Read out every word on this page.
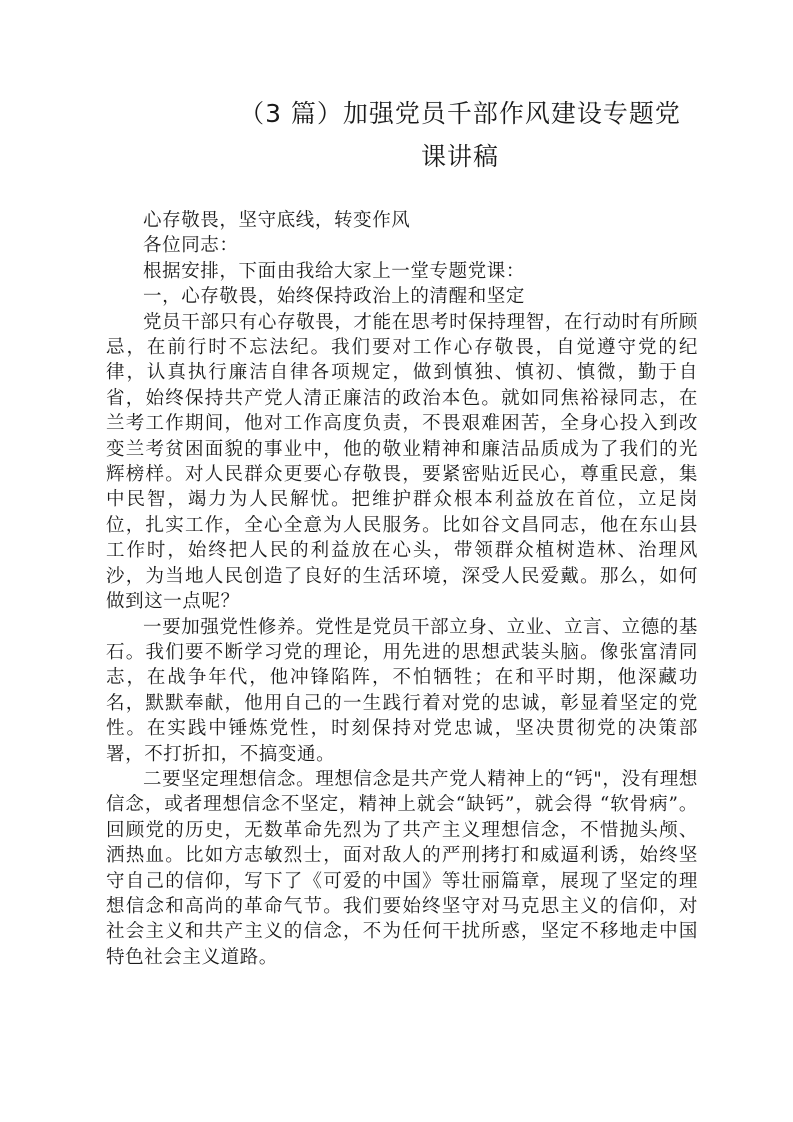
（3 篇）加强党员千部作风建设专题党
课讲稿

心存敬畏，坚守底线，转变作风

各位同志：

根据安排，下面由我给大家上一堂专题党课：

一，心存敬畏，始终保持政治上的清醒和坚定

党员干部只有心存敬畏，才能在思考时保持理智，在行动时有所顾忌，在前行时不忘法纪。我们要对工作心存敬畏，自觉遵守党的纪律，认真执行廉洁自律各项规定，做到慎独、慎初、慎微，勤于自省，始终保持共产党人清正廉洁的政治本色。就如同焦裕禄同志，在兰考工作期间，他对工作高度负责，不畏艰难困苦，全身心投入到改变兰考贫困面貌的事业中，他的敬业精神和廉洁品质成为了我们的光辉榜样。对人民群众更要心存敬畏，要紧密贴近民心，尊重民意，集中民智，竭力为人民解忧。把维护群众根本利益放在首位，立足岗位，扎实工作，全心全意为人民服务。比如谷文昌同志，他在东山县工作时，始终把人民的利益放在心头，带领群众植树造林、治理风沙，为当地人民创造了良好的生活环境，深受人民爱戴。那么，如何做到这一点呢？

一要加强党性修养。党性是党员干部立身、立业、立言、立德的基石。我们要不断学习党的理论，用先进的思想武装头脑。像张富清同志，在战争年代，他冲锋陷阵，不怕牺牲；在和平时期，他深藏功名，默默奉献，他用自己的一生践行着对党的忠诚，彰显着坚定的党性。在实践中锤炼党性，时刻保持对党忠诚，坚决贯彻党的决策部署，不打折扣，不搞变通。

二要坚定理想信念。理想信念是共产党人精神上的“钙"，没有理想信念，或者理想信念不坚定，精神上就会“缺钙”，就会得 “软骨病”。回顾党的历史，无数革命先烈为了共产主义理想信念，不惜抛头颅、洒热血。比如方志敏烈士，面对敌人的严刑拷打和威逼利诱，始终坚守自己的信仰，写下了《可爱的中国》等壮丽篇章，展现了坚定的理想信念和高尚的革命气节。我们要始终坚守对马克思主义的信仰，对社会主义和共产主义的信念，不为任何干扰所惑，坚定不移地走中国特色社会主义道路。
